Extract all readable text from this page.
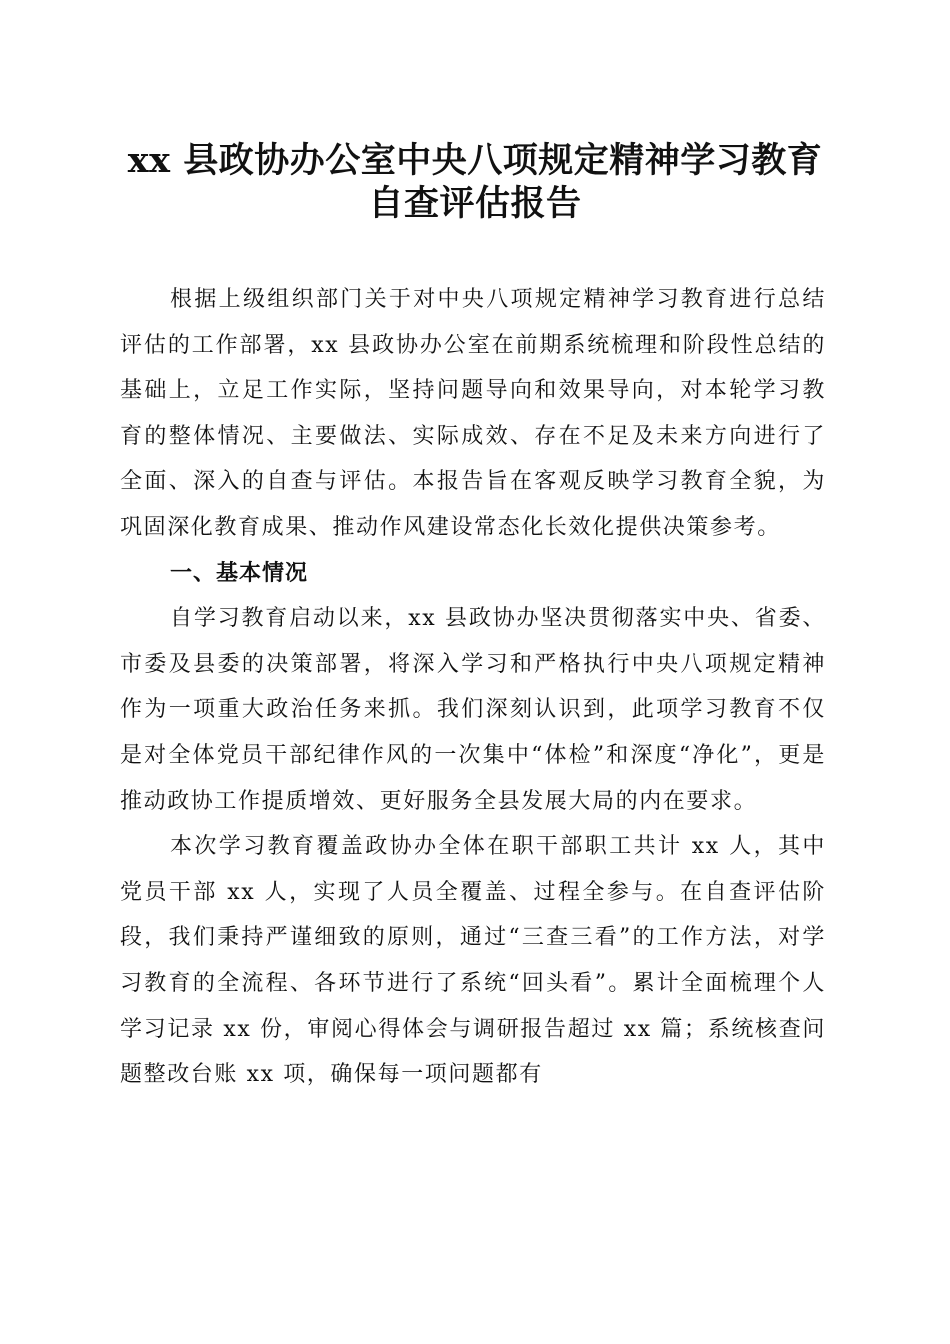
xx 县政协办公室中央八项规定精神学习教育
自查评估报告

根据上级组织部门关于对中央八项规定精神学习教育进行总结评估的工作部署，xx 县政协办公室在前期系统梳理和阶段性总结的基础上，立足工作实际，坚持问题导向和效果导向，对本轮学习教育的整体情况、主要做法、实际成效、存在不足及未来方向进行了全面、深入的自查与评估。本报告旨在客观反映学习教育全貌，为巩固深化教育成果、推动作风建设常态化长效化提供决策参考。

一、基本情况

自学习教育启动以来，xx 县政协办坚决贯彻落实中央、省委、市委及县委的决策部署，将深入学习和严格执行中央八项规定精神作为一项重大政治任务来抓。我们深刻认识到，此项学习教育不仅是对全体党员干部纪律作风的一次集中“体检”和深度“净化”，更是推动政协工作提质增效、更好服务全县发展大局的内在要求。

本次学习教育覆盖政协办全体在职干部职工共计 xx 人，其中党员干部 xx 人，实现了人员全覆盖、过程全参与。在自查评估阶段，我们秉持严谨细致的原则，通过“三查三看”的工作方法，对学习教育的全流程、各环节进行了系统“回头看”。累计全面梳理个人学习记录 xx 份，审阅心得体会与调研报告超过 xx 篇；系统核查问题整改台账 xx 项，确保每一项问题都有
